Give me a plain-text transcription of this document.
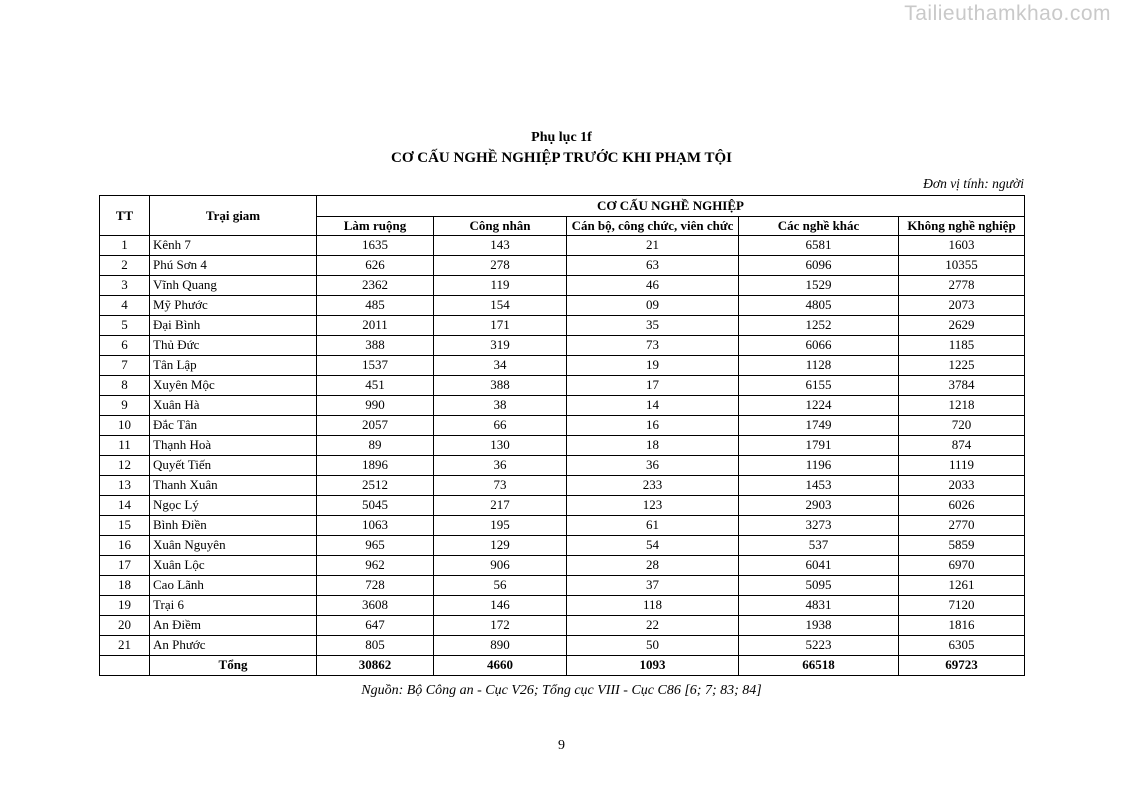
Tailieuthamkhao.com
Phụ lục 1f
CƠ CẤU NGHỀ NGHIỆP TRƯỚC KHI PHẠM TỘI
Đơn vị tính: người
TT	Trại giam	CƠ CẤU NGHỀ NGHIỆP				
		Làm ruộng	Công nhân	Cán bộ, công chức, viên chức	Các nghề khác	Không nghề nghiệp
1	Kênh 7	1635	143	21	6581	1603
2	Phú Sơn 4	626	278	63	6096	10355
3	Vĩnh Quang	2362	119	46	1529	2778
4	Mỹ Phước	485	154	09	4805	2073
5	Đại Bình	2011	171	35	1252	2629
6	Thủ Đức	388	319	73	6066	1185
7	Tân Lập	1537	34	19	1128	1225
8	Xuyên Mộc	451	388	17	6155	3784
9	Xuân Hà	990	38	14	1224	1218
10	Đắc Tân	2057	66	16	1749	720
11	Thạnh Hoà	89	130	18	1791	874
12	Quyết Tiến	1896	36	36	1196	1119
13	Thanh Xuân	2512	73	233	1453	2033
14	Ngọc Lý	5045	217	123	2903	6026
15	Bình Điền	1063	195	61	3273	2770
16	Xuân Nguyên	965	129	54	537	5859
17	Xuân Lộc	962	906	28	6041	6970
18	Cao Lãnh	728	56	37	5095	1261
19	Trại 6	3608	146	118	4831	7120
20	An Điềm	647	172	22	1938	1816
21	An Phước	805	890	50	5223	6305
	Tổng	30862	4660	1093	66518	69723
Nguồn: Bộ Công an - Cục V26; Tổng cục VIII - Cục C86 [6; 7; 83; 84]
9
